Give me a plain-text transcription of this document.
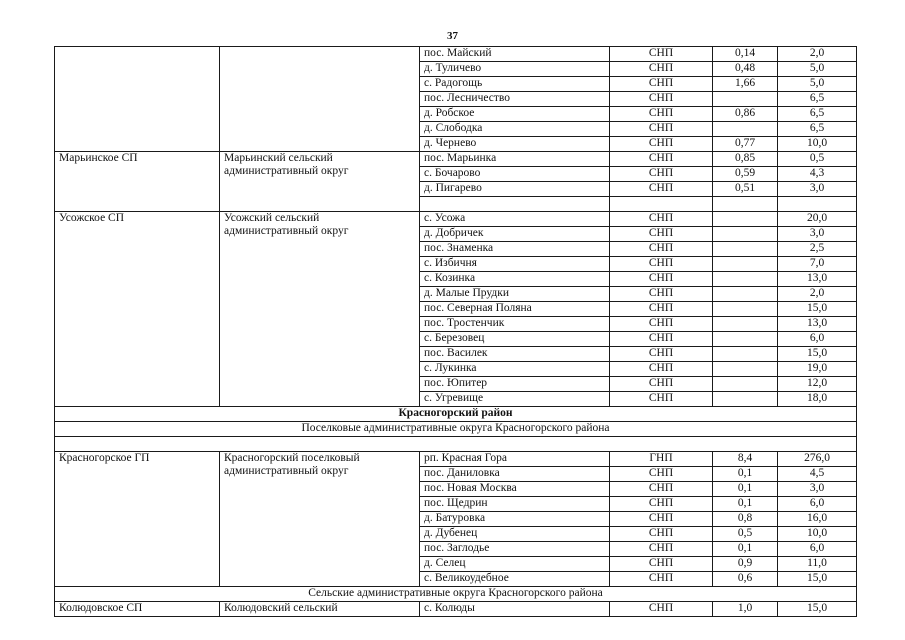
37
		пос. Майский	СНП	0,14	2,0
		д. Туличево	СНП	0,48	5,0
		с. Радогощь	СНП	1,66	5,0
		пос. Лесничество	СНП		6,5
		д. Робское	СНП	0,86	6,5
		д. Слободка	СНП		6,5
		д. Чернево	СНП	0,77	10,0
Марьинское СП	Марьинский сельский административный округ	пос. Марьинка	СНП	0,85	0,5
		с. Бочарово	СНП	0,59	4,3
		д. Пигарево	СНП	0,51	3,0

Усожское СП	Усожский сельский административный округ	с. Усожа	СНП		20,0
		д. Добричек	СНП		3,0
		пос. Знаменка	СНП		2,5
		с. Избичня	СНП		7,0
		с. Козинка	СНП		13,0
		д. Малые Прудки	СНП		2,0
		пос. Северная Поляна	СНП		15,0
		пос. Тростенчик	СНП		13,0
		с. Березовец	СНП		6,0
		пос. Василек	СНП		15,0
		с. Лукинка	СНП		19,0
		пос. Юпитер	СНП		12,0
		с. Угревище	СНП		18,0
Красногорский район					
Поселковые административные округа Красногорского района					

Красногорское ГП	Красногорский поселковый административный округ	рп. Красная Гора	ГНП	8,4	276,0
		пос. Даниловка	СНП	0,1	4,5
		пос. Новая Москва	СНП	0,1	3,0
		пос. Щедрин	СНП	0,1	6,0
		д. Батуровка	СНП	0,8	16,0
		д. Дубенец	СНП	0,5	10,0
		пос. Заглодье	СНП	0,1	6,0
		д. Селец	СНП	0,9	11,0
		с. Великоудебное	СНП	0,6	15,0
Сельские административные округа Красногорского района					
Колюдовское СП	Колюдовский сельский	с. Колюды	СНП	1,0	15,0
